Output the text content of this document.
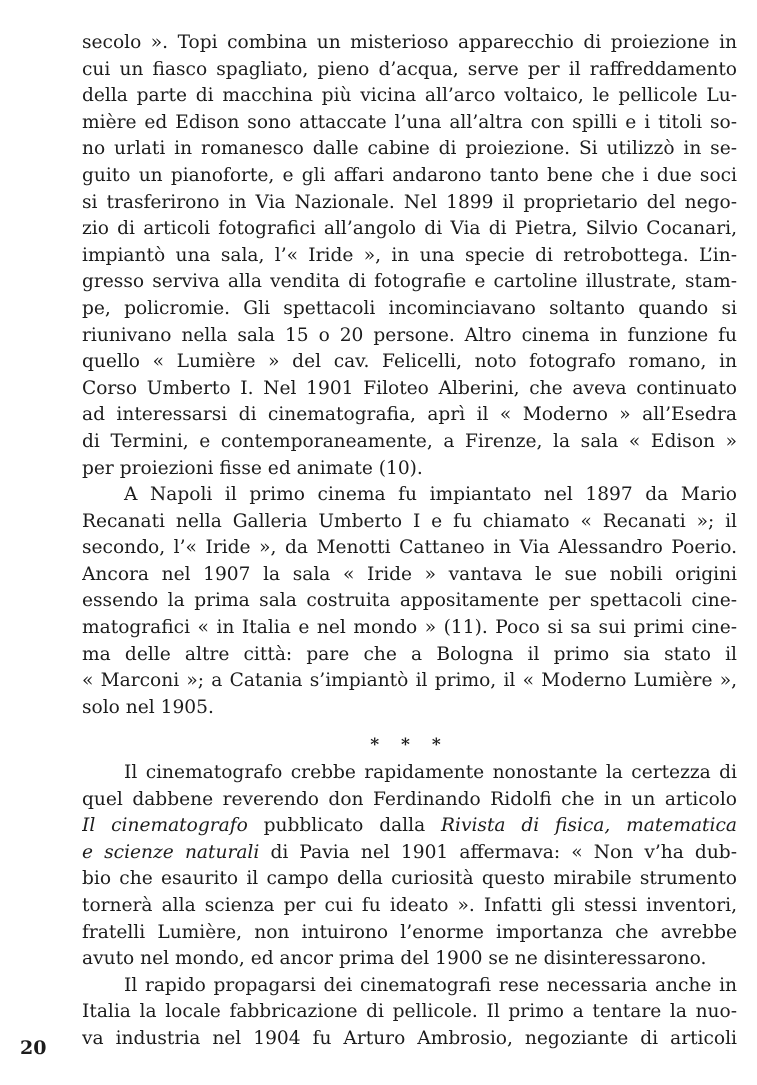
secolo ». Topi combina un misterioso apparecchio di proiezione in
cui un fiasco spagliato, pieno d’acqua, serve per il raffreddamento
della parte di macchina più vicina all’arco voltaico, le pellicole Lu-
mière ed Edison sono attaccate l’una all’altra con spilli e i titoli so-
no urlati in romanesco dalle cabine di proiezione. Si utilizzò in se-
guito un pianoforte, e gli affari andarono tanto bene che i due soci
si trasferirono in Via Nazionale. Nel 1899 il proprietario del nego-
zio di articoli fotografici all’angolo di Via di Pietra, Silvio Cocanari,
impiantò una sala, l’« Iride », in una specie di retrobottega. L’in-
gresso serviva alla vendita di fotografie e cartoline illustrate, stam-
pe, policromie. Gli spettacoli incominciavano soltanto quando si
riunivano nella sala 15 o 20 persone. Altro cinema in funzione fu
quello « Lumière » del cav. Felicelli, noto fotografo romano, in
Corso Umberto I. Nel 1901 Filoteo Alberini, che aveva continuato
ad interessarsi di cinematografia, aprì il « Moderno » all’Esedra
di Termini, e contemporaneamente, a Firenze, la sala « Edison »
per proiezioni fisse ed animate (10).
A Napoli il primo cinema fu impiantato nel 1897 da Mario
Recanati nella Galleria Umberto I e fu chiamato « Recanati »; il
secondo, l’« Iride », da Menotti Cattaneo in Via Alessandro Poerio.
Ancora nel 1907 la sala « Iride » vantava le sue nobili origini
essendo la prima sala costruita appositamente per spettacoli cine-
matografici « in Italia e nel mondo » (11). Poco si sa sui primi cine-
ma delle altre città: pare che a Bologna il primo sia stato il
« Marconi »; a Catania s’impiantò il primo, il « Moderno Lumière »,
solo nel 1905.
* * *
Il cinematografo crebbe rapidamente nonostante la certezza di
quel dabbene reverendo don Ferdinando Ridolfi che in un articolo
Il cinematografo pubblicato dalla Rivista di fisica, matematica
e scienze naturali di Pavia nel 1901 affermava: « Non v’ha dub-
bio che esaurito il campo della curiosità questo mirabile strumento
tornerà alla scienza per cui fu ideato ». Infatti gli stessi inventori,
fratelli Lumière, non intuirono l’enorme importanza che avrebbe
avuto nel mondo, ed ancor prima del 1900 se ne disinteressarono.
Il rapido propagarsi dei cinematografi rese necessaria anche in
Italia la locale fabbricazione di pellicole. Il primo a tentare la nuo-
va industria nel 1904 fu Arturo Ambrosio, negoziante di articoli
20
